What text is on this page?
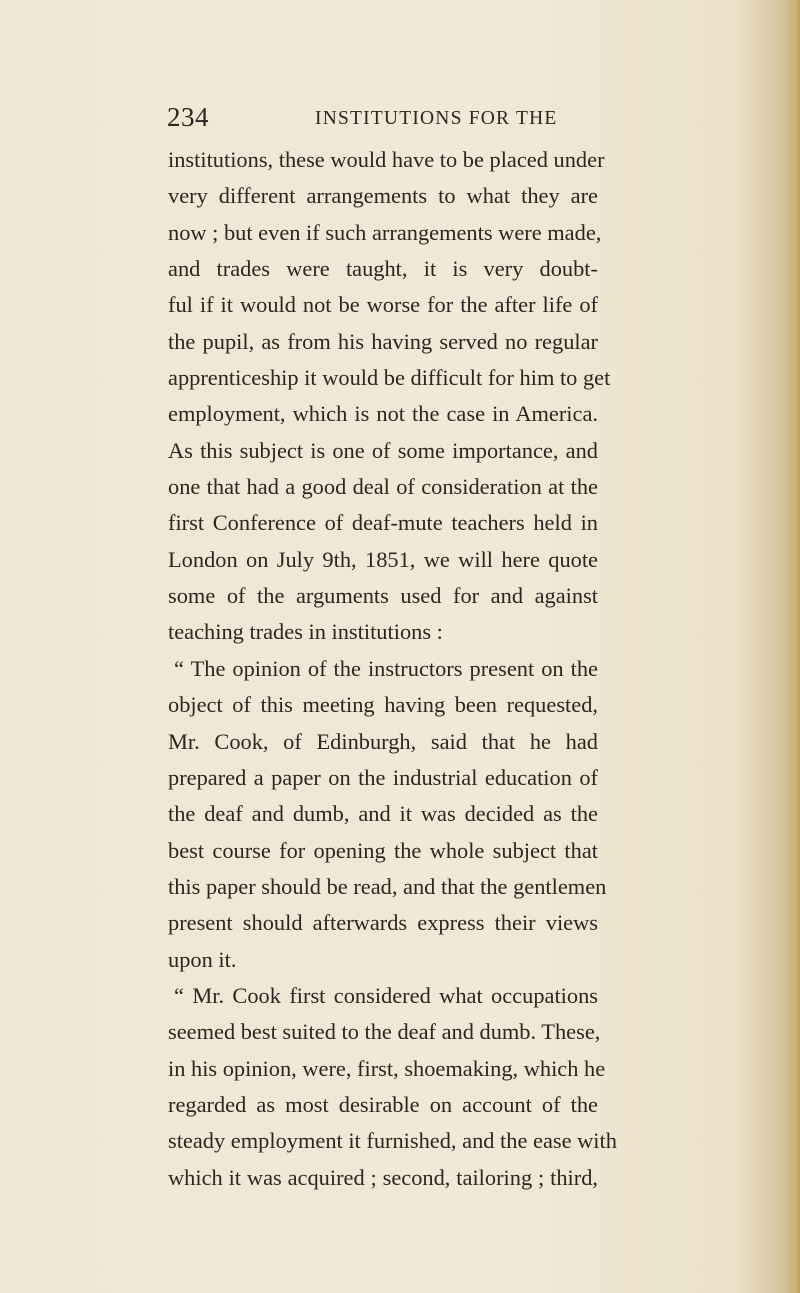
234	INSTITUTIONS FOR THE
institutions, these would have to be placed under
very different arrangements to what they are
now ; but even if such arrangements were made,
and trades were taught, it is very doubt-
ful if it would not be worse for the after life of
the pupil, as from his having served no regular
apprenticeship it would be difficult for him to get
employment, which is not the case in America.
As this subject is one of some importance, and
one that had a good deal of consideration at the
first Conference of deaf-mute teachers held in
London on July 9th, 1851, we will here quote
some of the arguments used for and against
teaching trades in institutions :
“ The opinion of the instructors present on the
object of this meeting having been requested,
Mr. Cook, of Edinburgh, said that he had
prepared a paper on the industrial education of
the deaf and dumb, and it was decided as the
best course for opening the whole subject that
this paper should be read, and that the gentlemen
present should afterwards express their views
upon it.
“ Mr. Cook first considered what occupations
seemed best suited to the deaf and dumb. These,
in his opinion, were, first, shoemaking, which he
regarded as most desirable on account of the
steady employment it furnished, and the ease with
which it was acquired ; second, tailoring ; third,
